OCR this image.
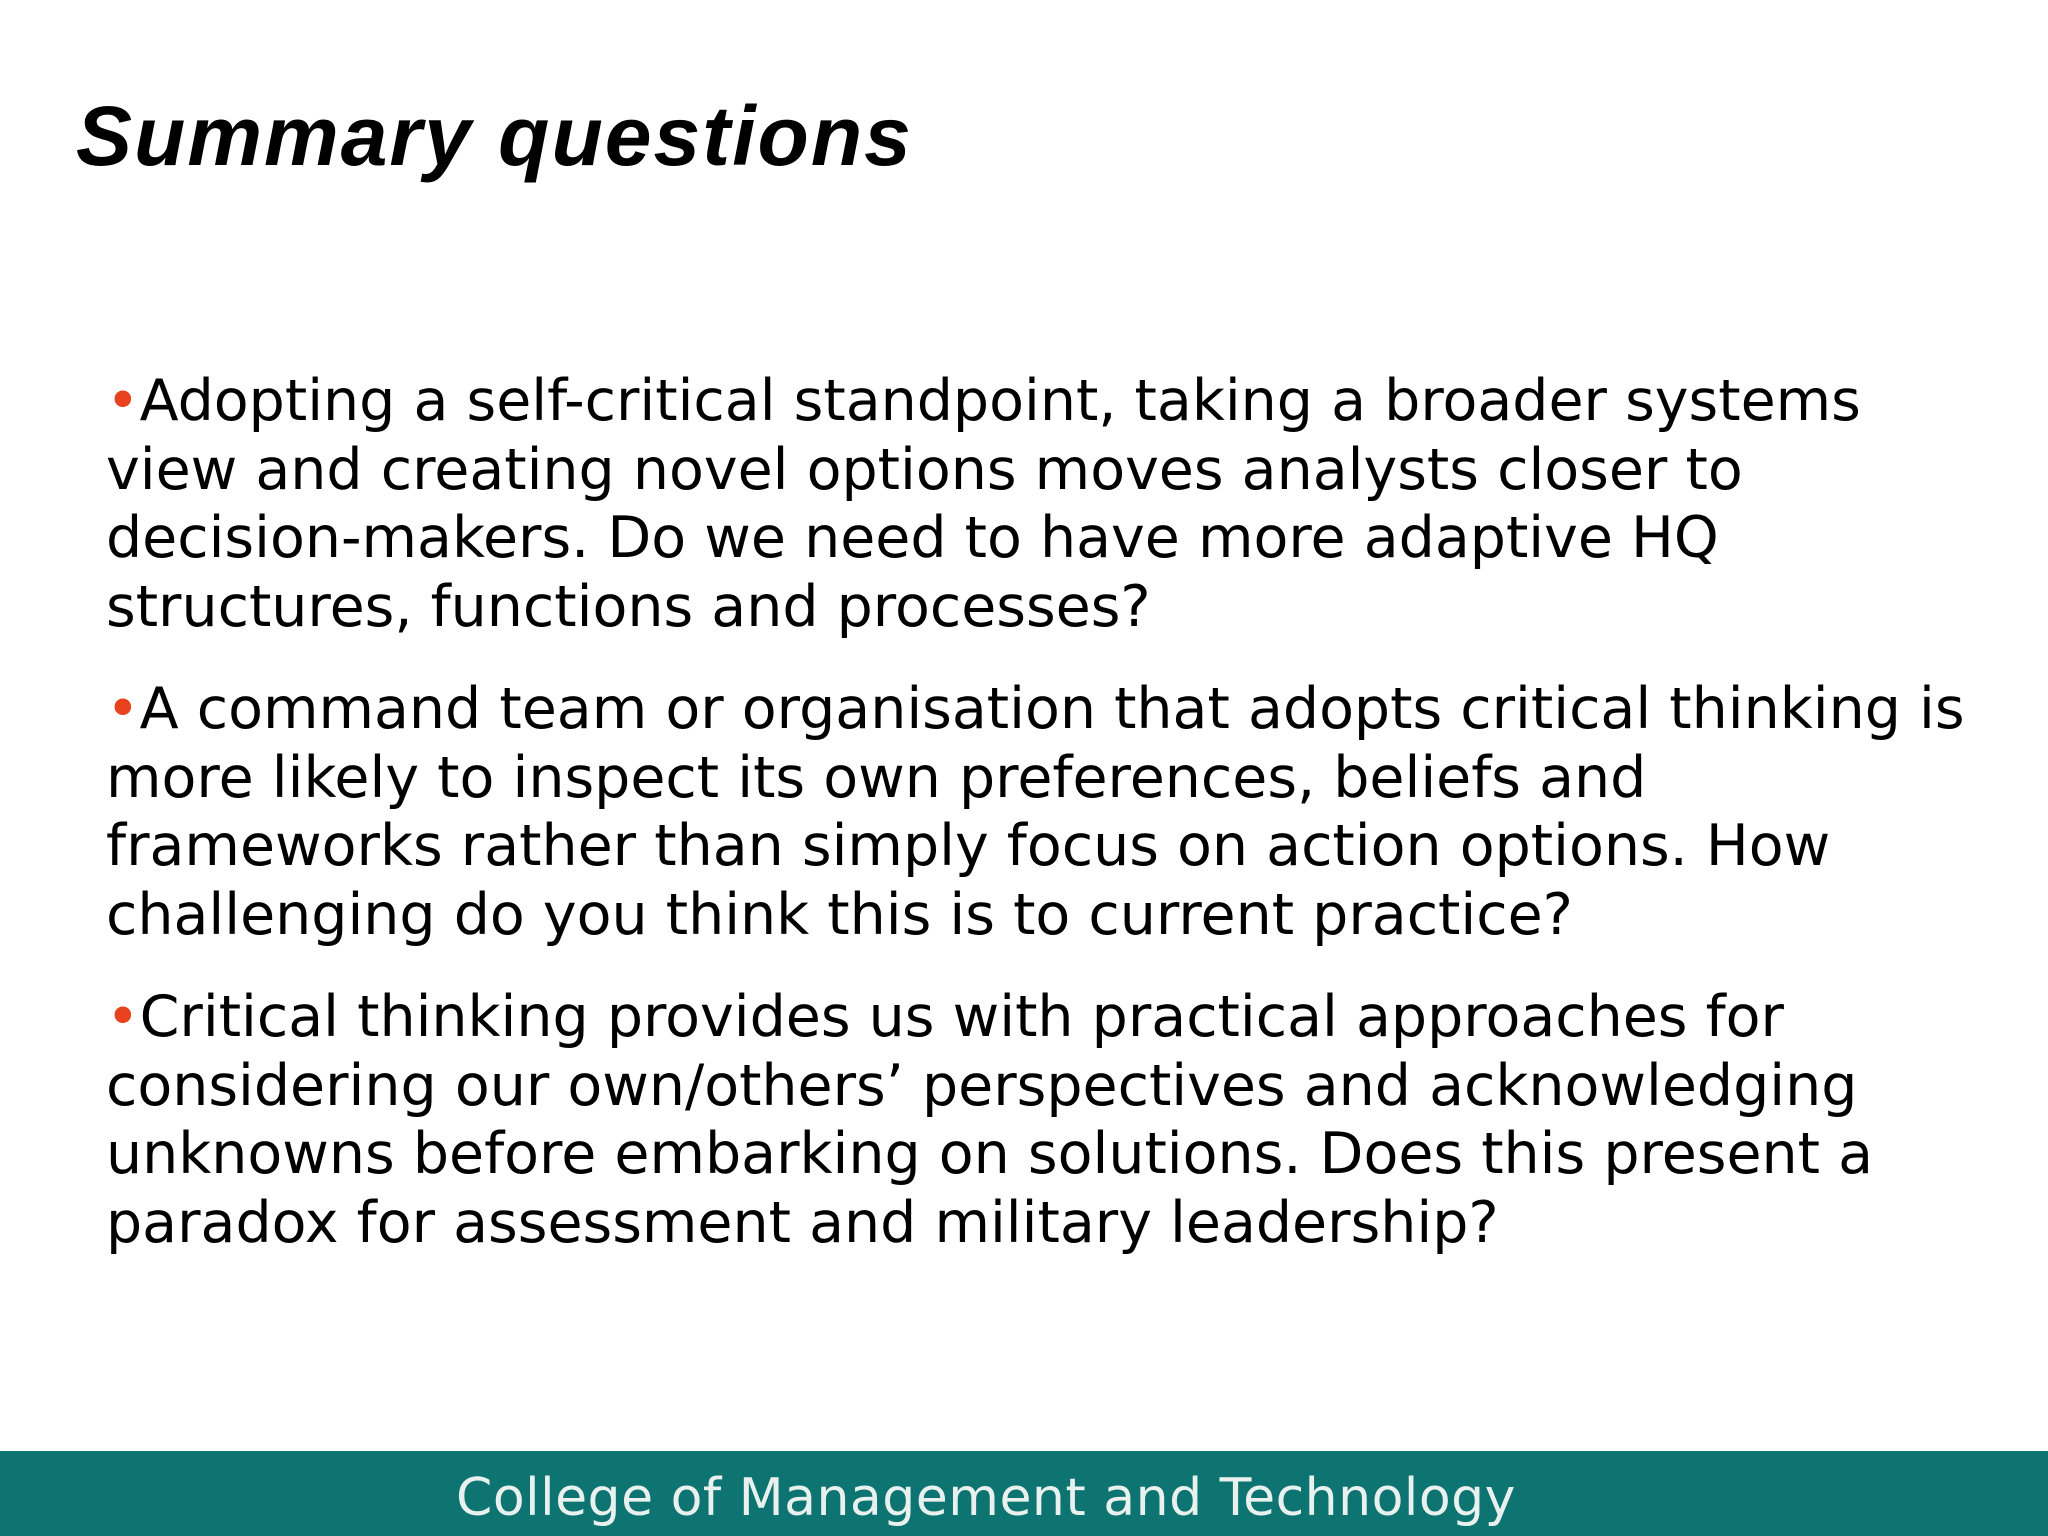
Summary questions

•Adopting a self-critical standpoint, taking a broader systems view and creating novel options moves analysts closer to decision-makers. Do we need to have more adaptive HQ structures, functions and processes?

•A command team or organisation that adopts critical thinking is more likely to inspect its own preferences, beliefs and frameworks rather than simply focus on action options. How challenging do you think this is to current practice?

•Critical thinking provides us with practical approaches for considering our own/others’ perspectives and acknowledging unknowns before embarking on solutions. Does this present a paradox for assessment and military leadership?

College of Management and Technology
